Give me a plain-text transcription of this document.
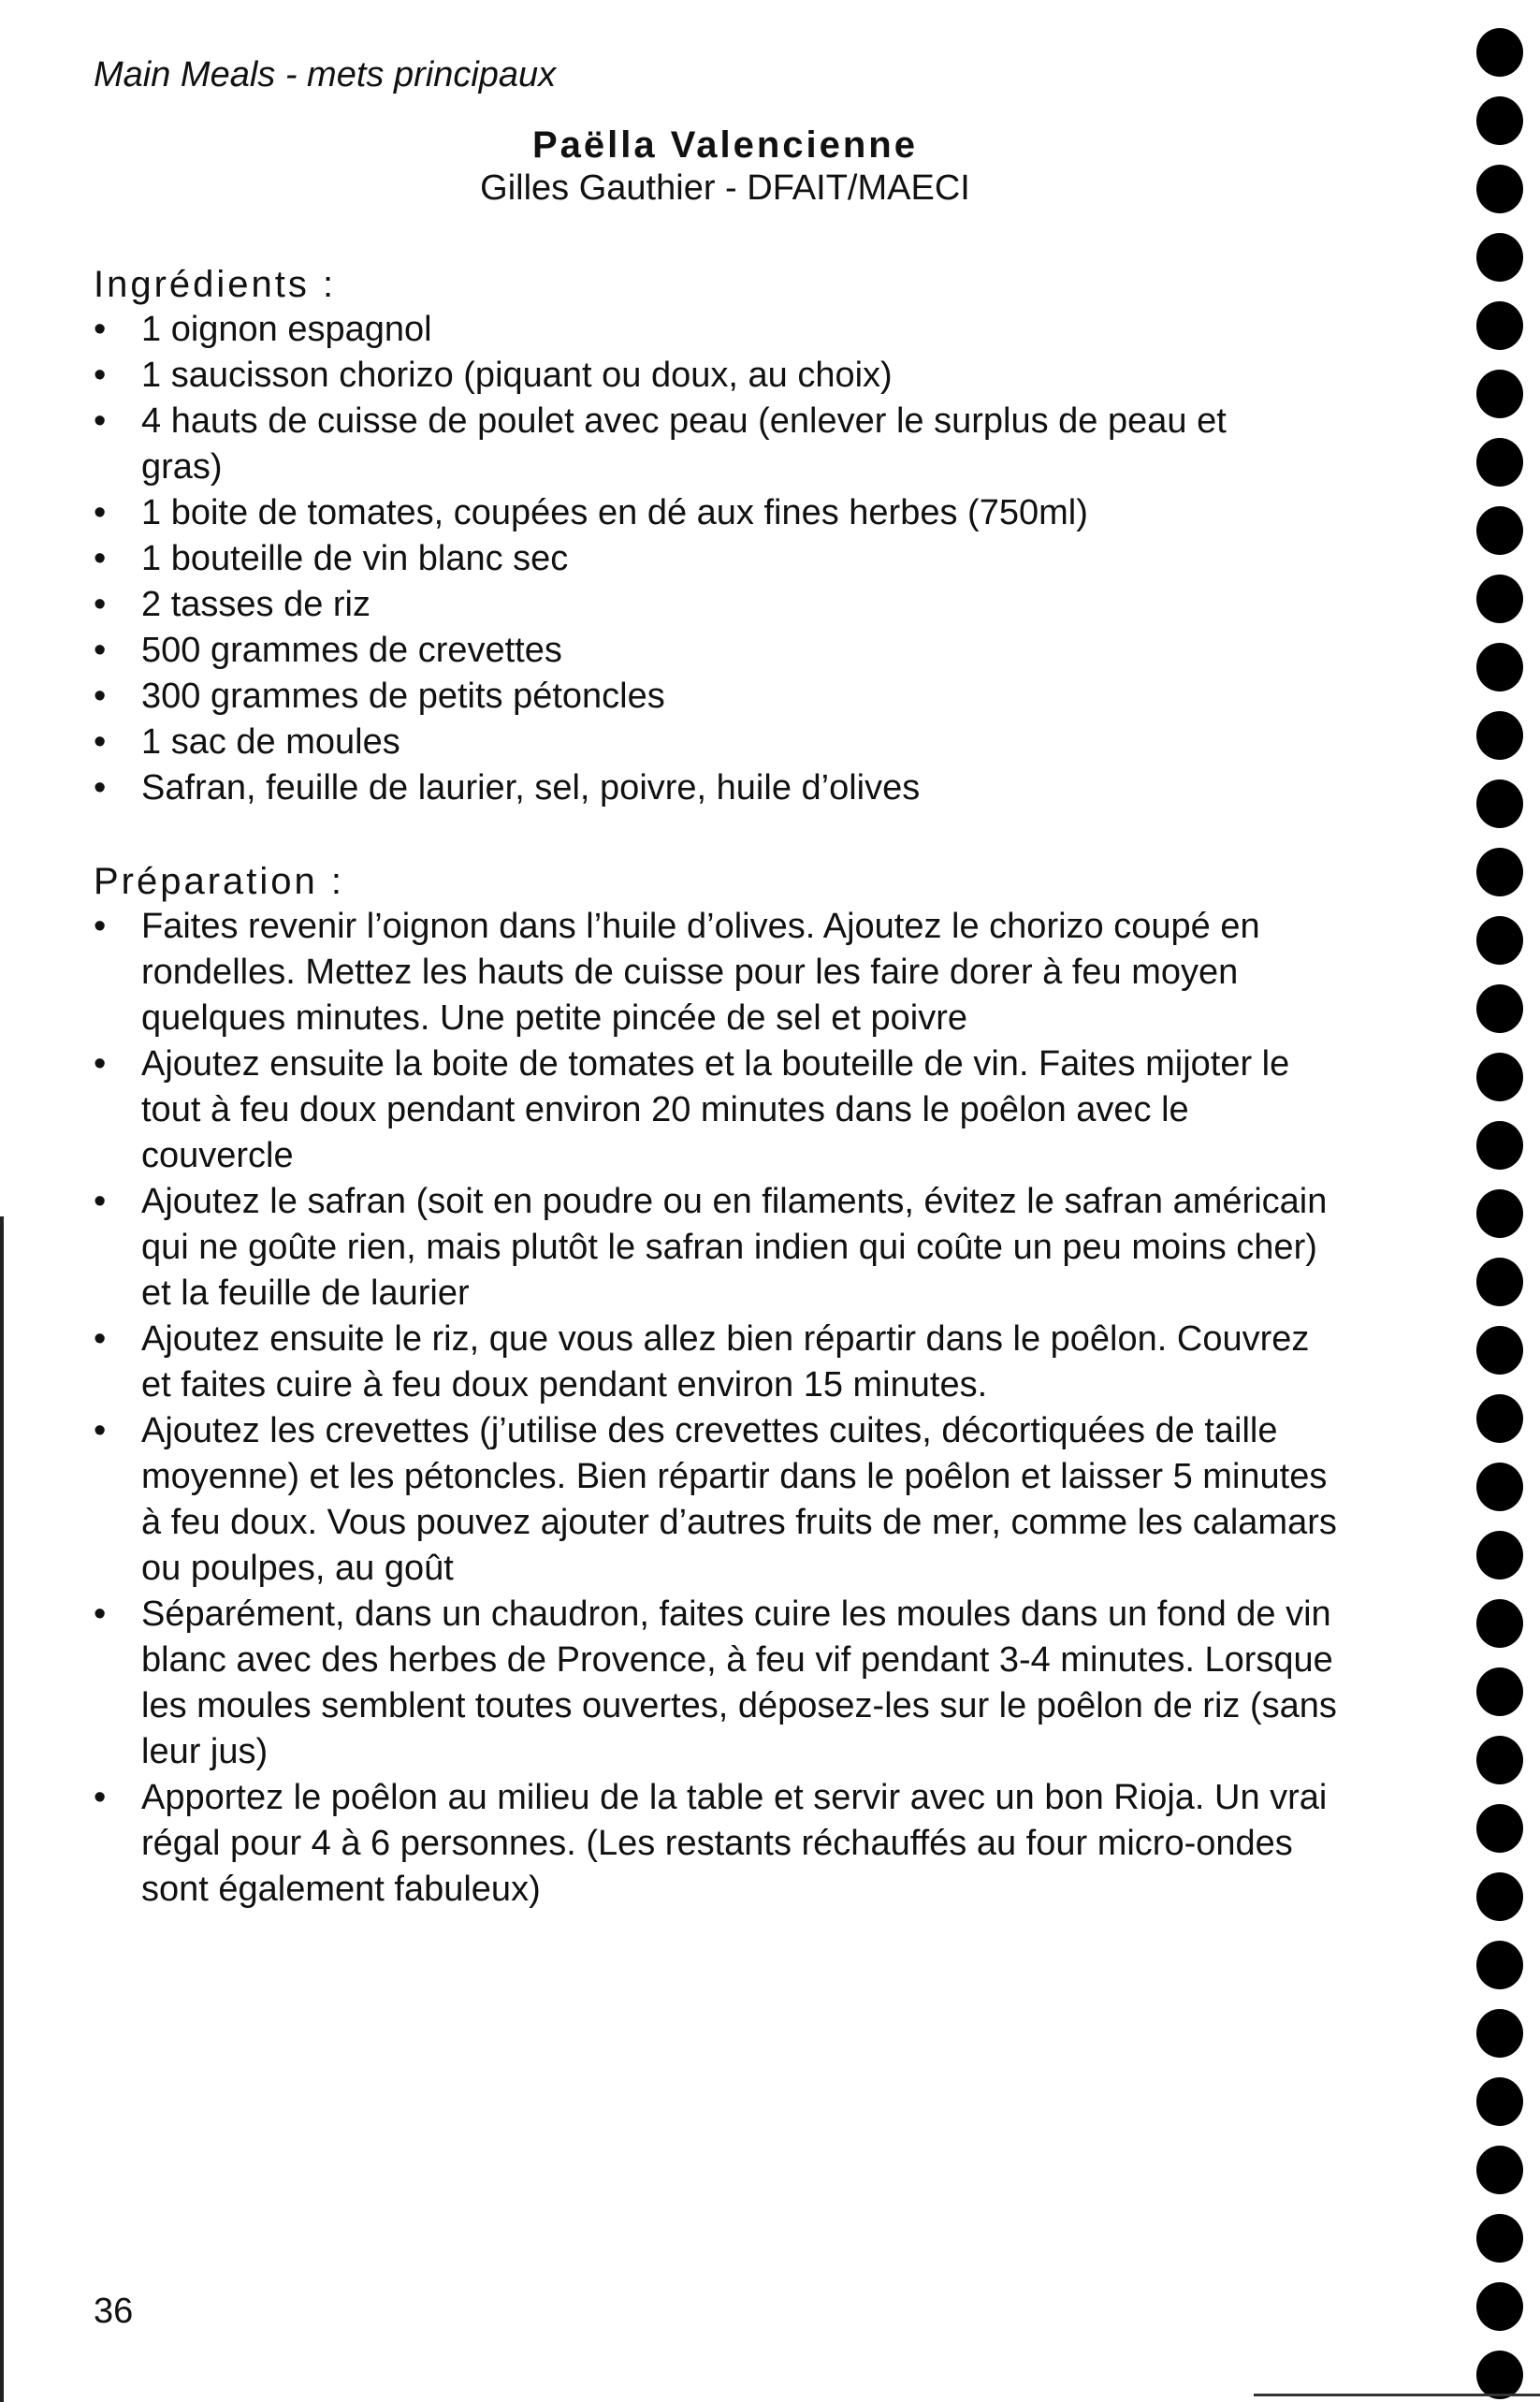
Main Meals - mets principaux
Paëlla Valencienne
Gilles Gauthier - DFAIT/MAECI
Ingrédients :
• 1 oignon espagnol
• 1 saucisson chorizo (piquant ou doux, au choix)
• 4 hauts de cuisse de poulet avec peau (enlever le surplus de peau et gras)
• 1 boite de tomates, coupées en dé aux fines herbes (750ml)
• 1 bouteille de vin blanc sec
• 2 tasses de riz
• 500 grammes de crevettes
• 300 grammes de petits pétoncles
• 1 sac de moules
• Safran, feuille de laurier, sel, poivre, huile d’olives
Préparation :
• Faites revenir l’oignon dans l’huile d’olives. Ajoutez le chorizo coupé en rondelles. Mettez les hauts de cuisse pour les faire dorer à feu moyen quelques minutes. Une petite pincée de sel et poivre
• Ajoutez ensuite la boite de tomates et la bouteille de vin. Faites mijoter le tout à feu doux pendant environ 20 minutes dans le poêlon avec le couvercle
• Ajoutez le safran (soit en poudre ou en filaments, évitez le safran américain qui ne goûte rien, mais plutôt le safran indien qui coûte un peu moins cher) et la feuille de laurier
• Ajoutez ensuite le riz, que vous allez bien répartir dans le poêlon. Couvrez et faites cuire à feu doux pendant environ 15 minutes.
• Ajoutez les crevettes (j’utilise des crevettes cuites, décortiquées de taille moyenne) et les pétoncles. Bien répartir dans le poêlon et laisser 5 minutes à feu doux. Vous pouvez ajouter d’autres fruits de mer, comme les calamars ou poulpes, au goût
• Séparément, dans un chaudron, faites cuire les moules dans un fond de vin blanc avec des herbes de Provence, à feu vif pendant 3-4 minutes. Lorsque les moules semblent toutes ouvertes, déposez-les sur le poêlon de riz (sans leur jus)
• Apportez le poêlon au milieu de la table et servir avec un bon Rioja. Un vrai régal pour 4 à 6 personnes. (Les restants réchauffés au four micro-ondes sont également fabuleux)
36
